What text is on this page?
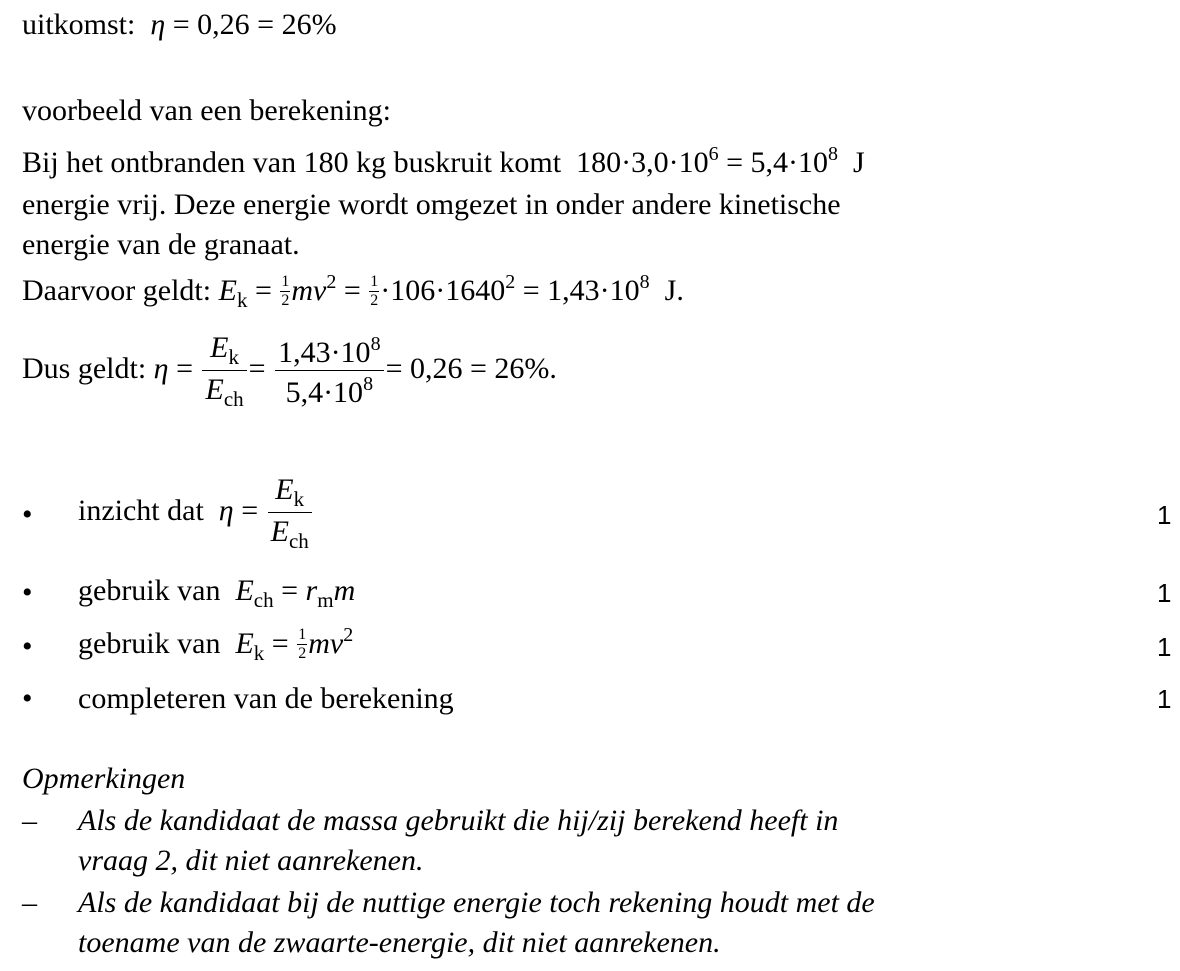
uitkomst: η = 0,26 = 26%
voorbeeld van een berekening:
Bij het ontbranden van 180 kg buskruit komt  $180\cdot 3,0\cdot 10^6 = 5,4\cdot 10^8$  J
energie vrij. Deze energie wordt omgezet in onder andere kinetische
energie van de granaat.
Daarvoor geldt: $E_k = \frac{1}{2} mv^2 = \frac{1}{2} \cdot 106\cdot 1640^2 = 1,43\cdot 10^8$  J.
Dus geldt: $\eta = \frac{E_k}{E_{ch}} = \frac{1,43\cdot 10^8}{5,4\cdot 10^8} = 0,26 = 26\%$.
• inzicht dat $\eta = \frac{E_k}{E_{ch}}$	1
• gebruik van $E_{ch} = r_mm$	1
• gebruik van $E_k = \frac{1}{2} mv^2$	1
• completeren van de berekening	1
Opmerkingen
– Als de kandidaat de massa gebruikt die hij/zij berekend heeft in
vraag 2, dit niet aanrekenen.
– Als de kandidaat bij de nuttige energie toch rekening houdt met de
toename van de zwaarte-energie, dit niet aanrekenen.
